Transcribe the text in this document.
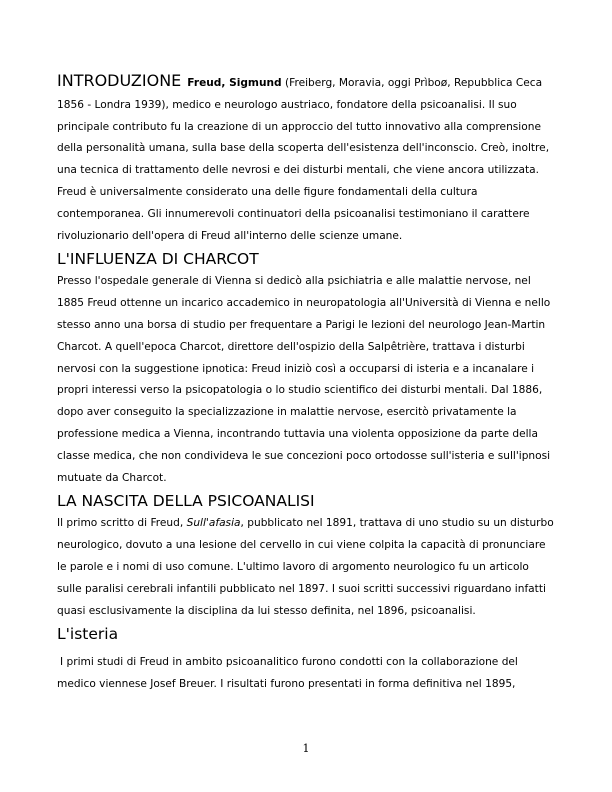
INTRODUZIONE Freud, Sigmund (Freiberg, Moravia, oggi Prìboø, Repubblica Ceca 1856 - Londra 1939), medico e neurologo austriaco, fondatore della psicoanalisi. Il suo principale contributo fu la creazione di un approccio del tutto innovativo alla comprensione della personalità umana, sulla base della scoperta dell'esistenza dell'inconscio. Creò, inoltre, una tecnica di trattamento delle nevrosi e dei disturbi mentali, che viene ancora utilizzata. Freud è universalmente considerato una delle figure fondamentali della cultura contemporanea. Gli innumerevoli continuatori della psicoanalisi testimoniano il carattere rivoluzionario dell'opera di Freud all'interno delle scienze umane.

L'INFLUENZA DI CHARCOT

Presso l'ospedale generale di Vienna si dedicò alla psichiatria e alle malattie nervose, nel 1885 Freud ottenne un incarico accademico in neuropatologia all'Università di Vienna e nello stesso anno una borsa di studio per frequentare a Parigi le lezioni del neurologo Jean-Martin Charcot. A quell'epoca Charcot, direttore dell'ospizio della Salpêtrière, trattava i disturbi nervosi con la suggestione ipnotica: Freud iniziò così a occuparsi di isteria e a incanalare i propri interessi verso la psicopatologia o lo studio scientifico dei disturbi mentali. Dal 1886, dopo aver conseguito la specializzazione in malattie nervose, esercitò privatamente la professione medica a Vienna, incontrando tuttavia una violenta opposizione da parte della classe medica, che non condivideva le sue concezioni poco ortodosse sull'isteria e sull'ipnosi mutuate da Charcot.

LA NASCITA DELLA PSICOANALISI

Il primo scritto di Freud, Sull'afasia, pubblicato nel 1891, trattava di uno studio su un disturbo neurologico, dovuto a una lesione del cervello in cui viene colpita la capacità di pronunciare le parole e i nomi di uso comune. L'ultimo lavoro di argomento neurologico fu un articolo sulle paralisi cerebrali infantili pubblicato nel 1897. I suoi scritti successivi riguardano infatti quasi esclusivamente la disciplina da lui stesso definita, nel 1896, psicoanalisi.

L'isteria

I primi studi di Freud in ambito psicoanalitico furono condotti con la collaborazione del medico viennese Josef Breuer. I risultati furono presentati in forma definitiva nel 1895,

1
